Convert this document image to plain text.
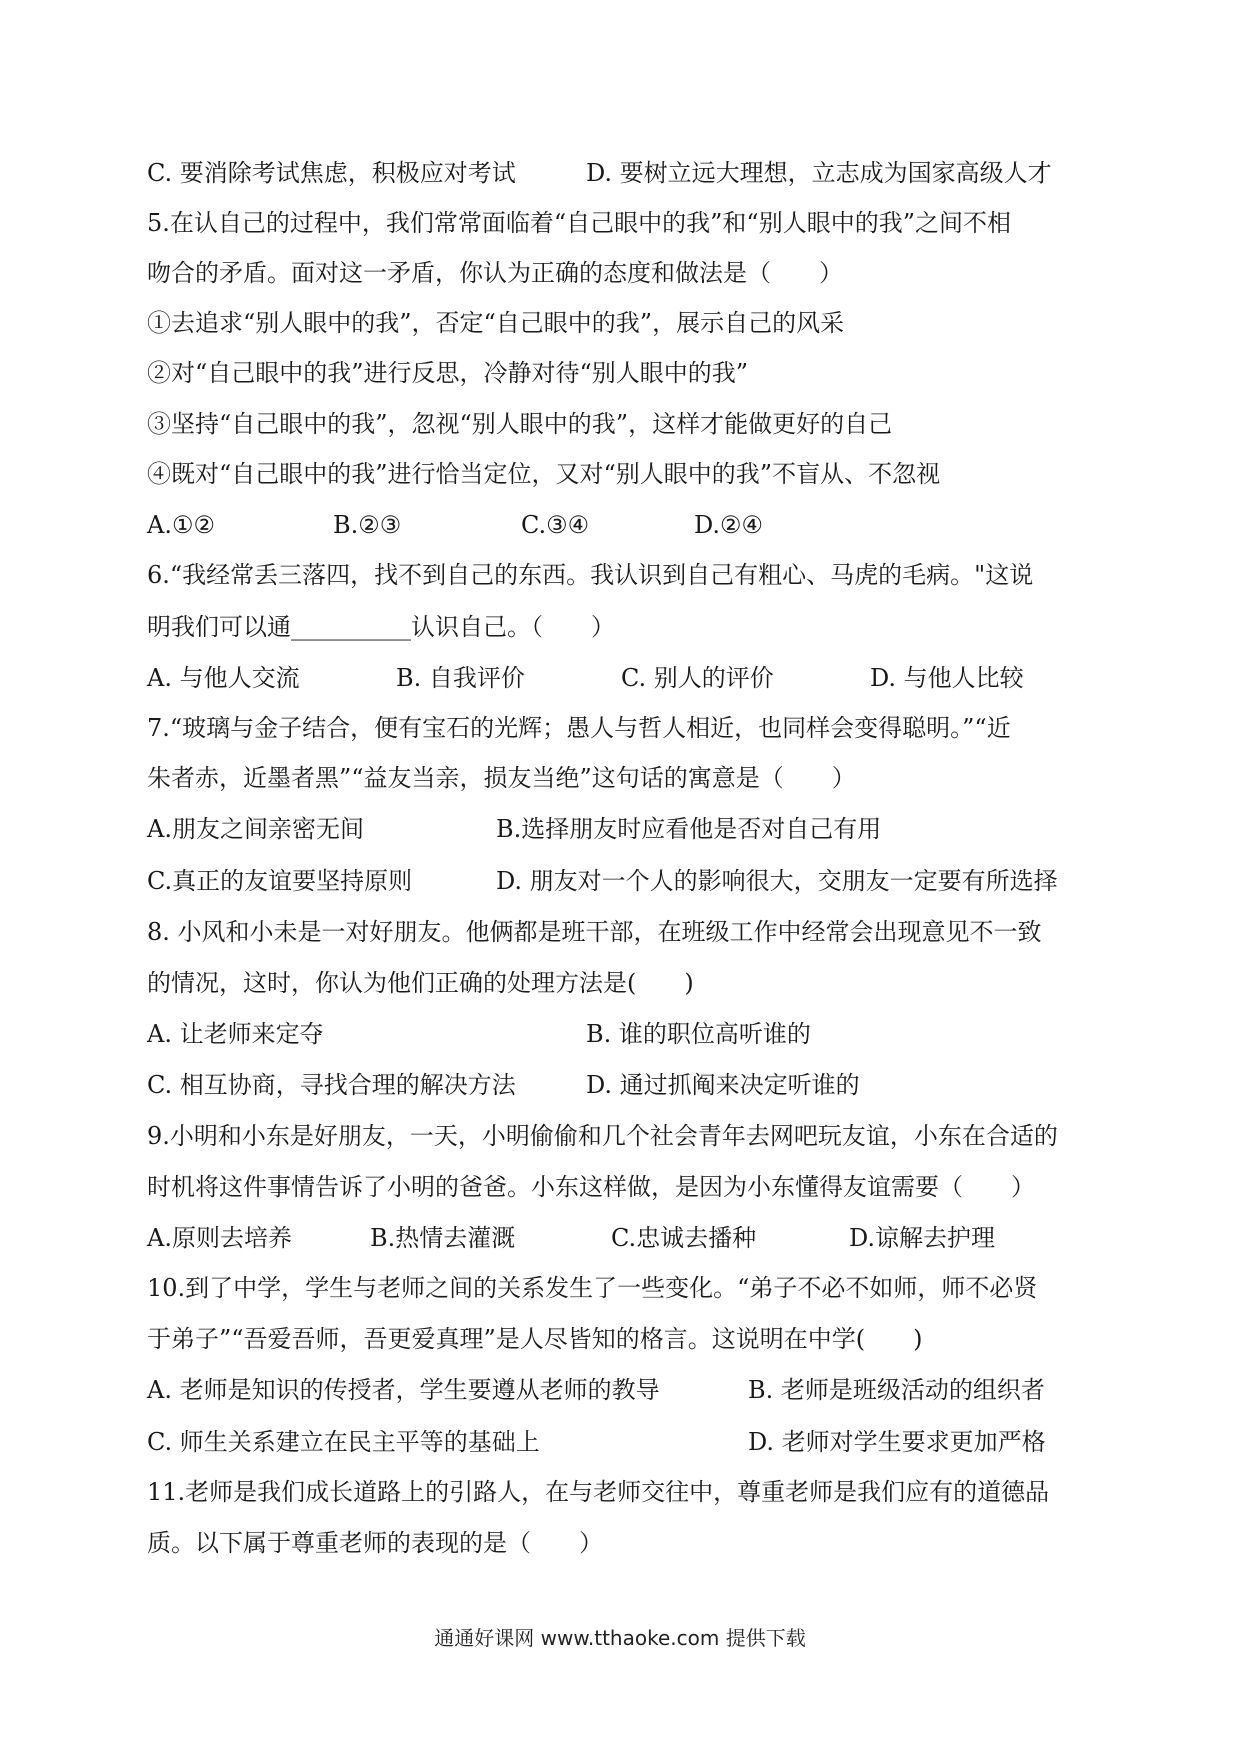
C. 要消除考试焦虑，积极应对考试	D. 要树立远大理想，立志成为国家高级人才
5.在认自己的过程中，我们常常面临着“自己眼中的我”和“别人眼中的我”之间不相
吻合的矛盾。面对这一矛盾，你认为正确的态度和做法是（　　）
①去追求“别人眼中的我”，否定“自己眼中的我”，展示自己的风采
②对“自己眼中的我”进行反思，冷静对待“别人眼中的我”
③坚持“自己眼中的我”，忽视“别人眼中的我”，这样才能做更好的自己
④既对“自己眼中的我”进行恰当定位，又对“别人眼中的我”不盲从、不忽视
A.①②	B.②③	C.③④	D.②④
6.“我经常丢三落四，找不到自己的东西。我认识到自己有粗心、马虎的毛病。"这说
明我们可以通__________认识自己。（　　）
A. 与他人交流	B. 自我评价	C. 别人的评价	D. 与他人比较
7.“玻璃与金子结合，便有宝石的光辉；愚人与哲人相近，也同样会变得聪明。”“近
朱者赤，近墨者黑”“益友当亲，损友当绝”这句话的寓意是（　　）
A.朋友之间亲密无间	B.选择朋友时应看他是否对自己有用
C.真正的友谊要坚持原则	D. 朋友对一个人的影响很大，交朋友一定要有所选择
8. 小风和小未是一对好朋友。他俩都是班干部，在班级工作中经常会出现意见不一致
的情况，这时，你认为他们正确的处理方法是(　　)
A. 让老师来定夺	B. 谁的职位高听谁的
C. 相互协商，寻找合理的解决方法	D. 通过抓阄来决定听谁的
9.小明和小东是好朋友，一天，小明偷偷和几个社会青年去网吧玩友谊，小东在合适的
时机将这件事情告诉了小明的爸爸。小东这样做，是因为小东懂得友谊需要（　　）
A.原则去培养	B.热情去灌溉	C.忠诚去播种	D.谅解去护理
10.到了中学，学生与老师之间的关系发生了一些变化。“弟子不必不如师，师不必贤
于弟子”“吾爱吾师，吾更爱真理”是人尽皆知的格言。这说明在中学(　　)
A. 老师是知识的传授者，学生要遵从老师的教导	B. 老师是班级活动的组织者
C. 师生关系建立在民主平等的基础上	D. 老师对学生要求更加严格
11.老师是我们成长道路上的引路人，在与老师交往中，尊重老师是我们应有的道德品
质。以下属于尊重老师的表现的是（　　）
通通好课网 www.tthaoke.com 提供下载
